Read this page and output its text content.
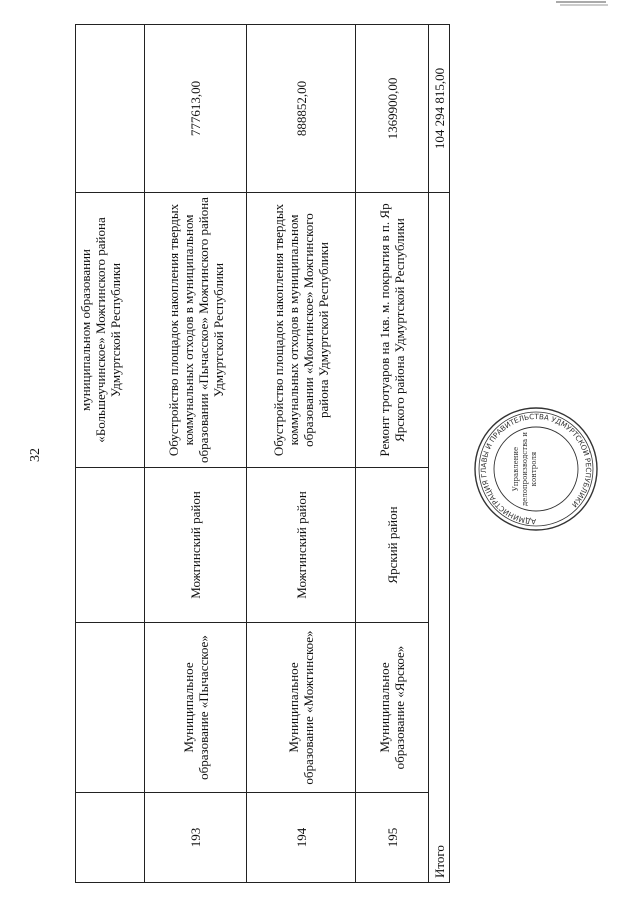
32
			муниципальном образовании «Большеучинское» Можгинского района Удмуртской Республики	
193	Муниципальное образование «Пычасское»	Можгинский район	Обустройство площадок накопления твердых коммунальных отходов в муниципальном образовании «Пычасское» Можгинского района Удмуртской Республики	777613,00
194	Муниципальное образование «Можгинское»	Можгинский район	Обустройство площадок накопления твердых коммунальных отходов в муниципальном образовании «Можгинское» Можгинского района Удмуртской Республики	888852,00
195	Муниципальное образование «Ярское»	Ярский район	Ремонт тротуаров на 1кв. м. покрытия в п. Яр Ярского района Удмуртской Республики	1369900,00
Итого				104 294 815,00
АДМИНИСТРАЦИЯ ГЛАВЫ И ПРАВИТЕЛЬСТВА УДМУРТСКОЙ РЕСПУБЛИКИ
Управление делопроизводства и контроля
